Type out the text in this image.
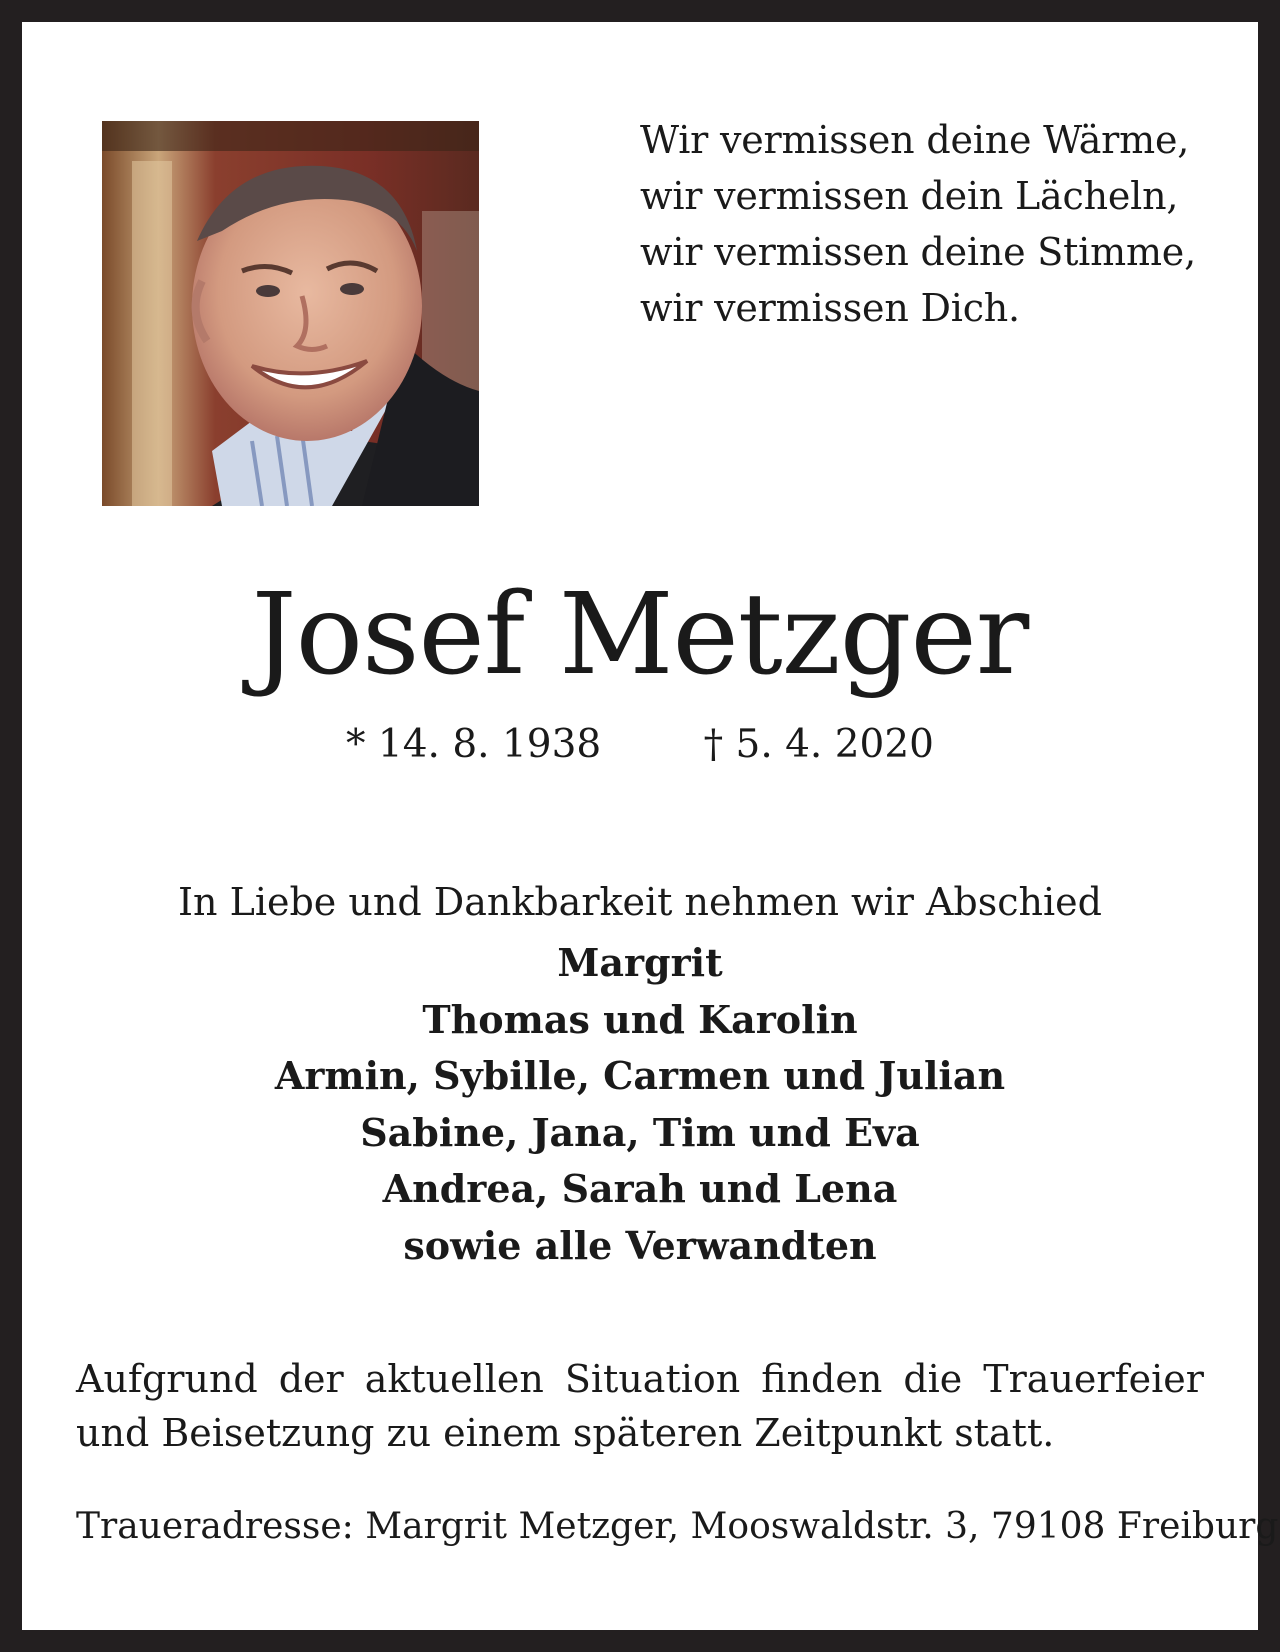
Wir vermissen deine Wärme,
wir vermissen dein Lächeln,
wir vermissen deine Stimme,
wir vermissen Dich.
Josef Metzger
* 14. 8. 1938	† 5. 4. 2020
In Liebe und Dankbarkeit nehmen wir Abschied
Margrit
Thomas und Karolin
Armin, Sybille, Carmen und Julian
Sabine, Jana, Tim und Eva
Andrea, Sarah und Lena
sowie alle Verwandten
Aufgrund der aktuellen Situation finden die Trauerfeier
und Beisetzung zu einem späteren Zeitpunkt statt.
Traueradresse: Margrit Metzger, Mooswaldstr. 3, 79108 Freiburg
